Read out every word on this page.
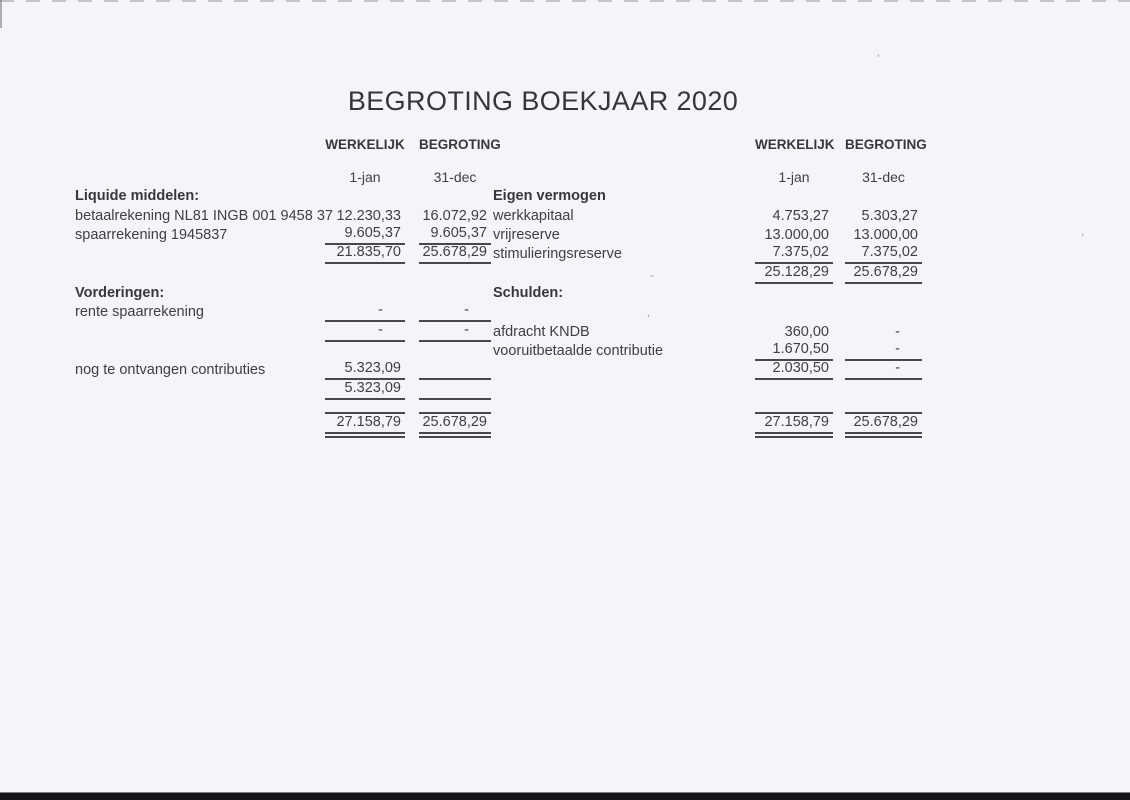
BEGROTING BOEKJAAR 2020
WERKELIJK BEGROTING
1-jan	31-dec
Liquide middelen:
betaalrekening NL81 INGB 001 9458 37 12.230,33 16.072,92
spaarrekening 1945837	9.605,37	9.605,37
21.835,70 25.678,29
Vorderingen:
rente spaarrekening	-	-
-	-
nog te ontvangen contributies	5.323,09
5.323,09
27.158,79 25.678,29
WERKELIJK BEGROTING
1-jan	31-dec
Eigen vermogen
werkkapitaal	4.753,27	5.303,27
vrijreserve	13.000,00	13.000,00
stimulieringsreserve	7.375,02	7.375,02
25.128,29	25.678,29
Schulden:
afdracht KNDB	360,00	-
vooruitbetaalde contributie	1.670,50	-
2.030,50	-
27.158,79	25.678,29
’
-
’
,
